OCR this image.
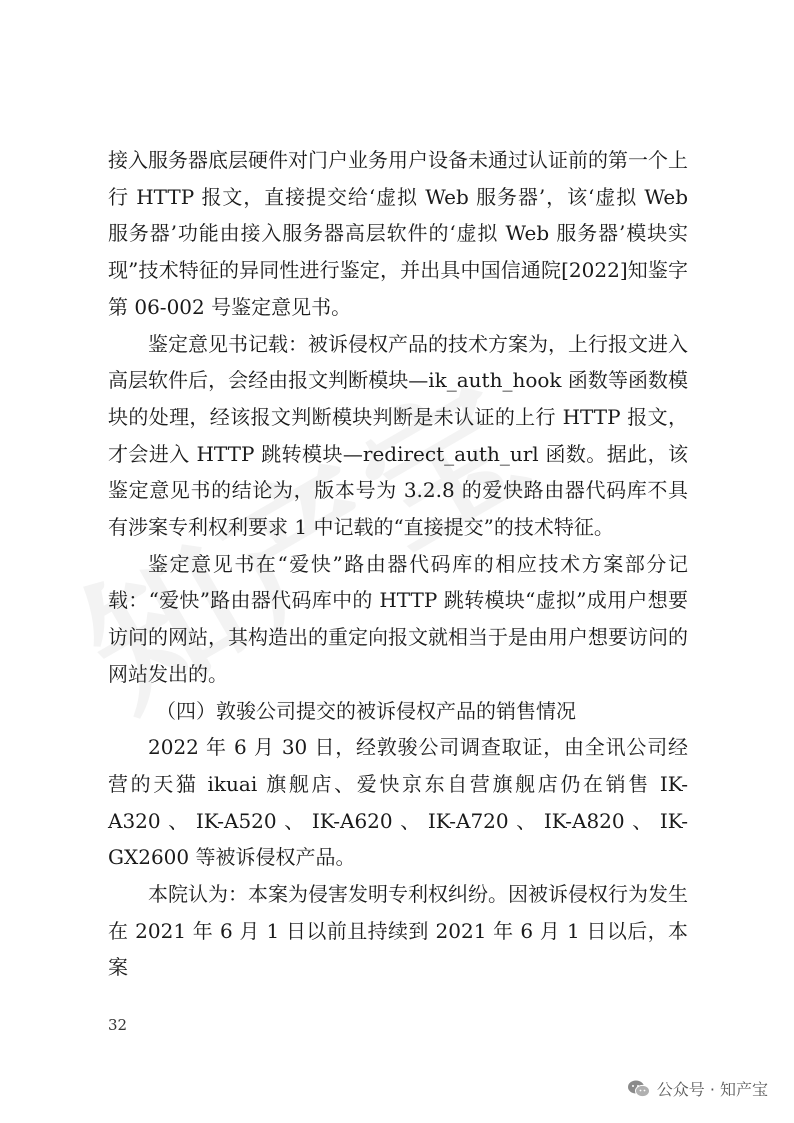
接入服务器底层硬件对门户业务用户设备未通过认证前的第一个上行 HTTP 报文，直接提交给‘虚拟 Web 服务器’，该‘虚拟 Web 服务器’功能由接入服务器高层软件的‘虚拟 Web 服务器’模块实现”技术特征的异同性进行鉴定，并出具中国信通院[2022]知鉴字第 06-002 号鉴定意见书。

鉴定意见书记载：被诉侵权产品的技术方案为，上行报文进入高层软件后，会经由报文判断模块—ik_auth_hook 函数等函数模块的处理，经该报文判断模块判断是未认证的上行 HTTP 报文，才会进入 HTTP 跳转模块—redirect_auth_url 函数。据此，该鉴定意见书的结论为，版本号为 3.2.8 的爱快路由器代码库不具有涉案专利权利要求 1 中记载的“直接提交”的技术特征。

鉴定意见书在“爱快”路由器代码库的相应技术方案部分记载：“爱快”路由器代码库中的 HTTP 跳转模块“虚拟”成用户想要访问的网站，其构造出的重定向报文就相当于是由用户想要访问的网站发出的。

（四）敦骏公司提交的被诉侵权产品的销售情况

2022 年 6 月 30 日，经敦骏公司调查取证，由全讯公司经营的天猫 ikuai 旗舰店、爱快京东自营旗舰店仍在销售 IK-A320、IK-A520、IK-A620、IK-A720、IK-A820、IK-GX2600 等被诉侵权产品。

本院认为：本案为侵害发明专利权纠纷。因被诉侵权行为发生在 2021 年 6 月 1 日以前且持续到 2021 年 6 月 1 日以后，本案

32
公众号 · 知产宝
